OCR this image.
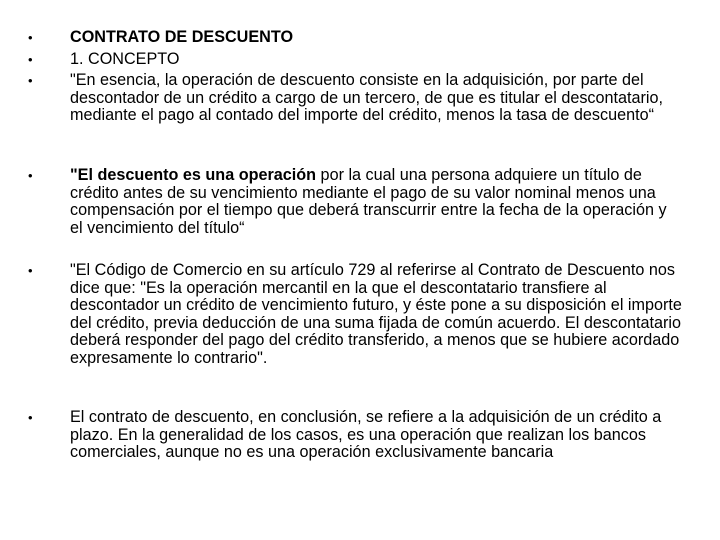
• CONTRATO DE DESCUENTO
• 1. CONCEPTO
• "En esencia, la operación de descuento consiste en la adquisición, por parte del descontador de un crédito a cargo de un tercero, de que es titular el descontatario, mediante el pago al contado del importe del crédito, menos la tasa de descuento“
• "El descuento es una operación por la cual una persona adquiere un título de crédito antes de su vencimiento mediante el pago de su valor nominal menos una compensación por el tiempo que deberá transcurrir entre la fecha de la operación y el vencimiento del título“
• "El Código de Comercio en su artículo 729 al referirse al Contrato de Descuento nos dice que: "Es la operación mercantil en la que el descontatario transfiere al descontador un crédito de vencimiento futuro, y éste pone a su disposición el importe del crédito, previa deducción de una suma fijada de común acuerdo. El descontatario deberá responder del pago del crédito transferido, a menos que se hubiere acordado expresamente lo contrario".
• El contrato de descuento, en conclusión, se refiere a la adquisición de un crédito a plazo. En la generalidad de los casos, es una operación que realizan los bancos comerciales, aunque no es una operación exclusivamente bancaria
